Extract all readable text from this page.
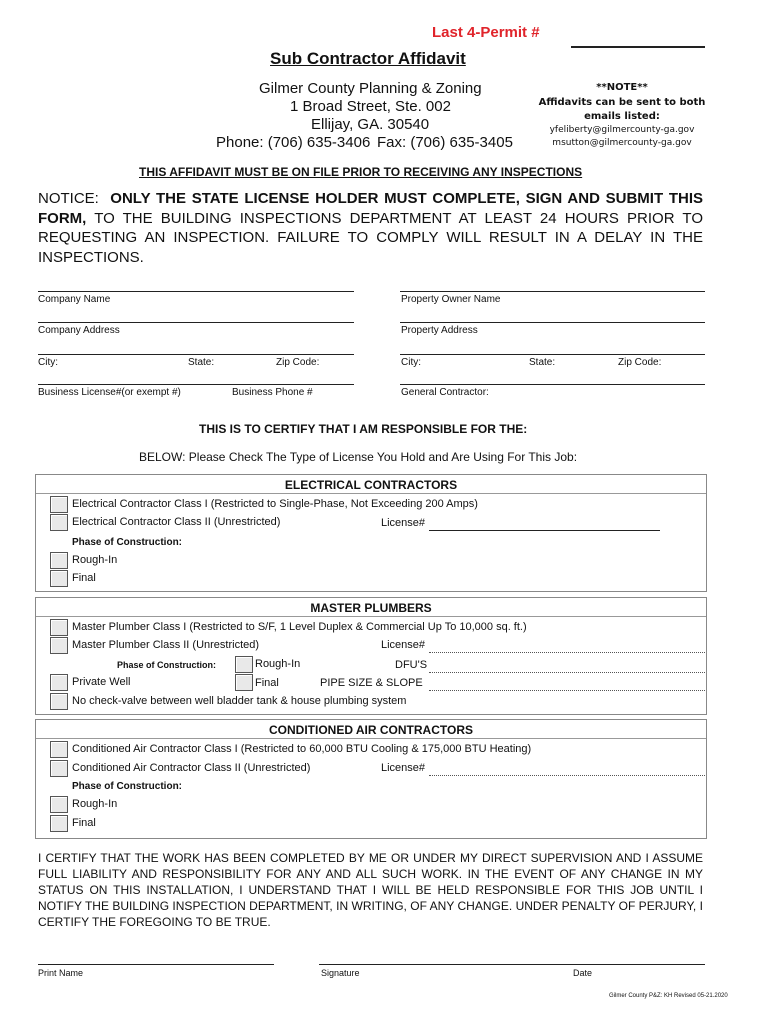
Last 4-Permit #
Sub Contractor Affidavit
Gilmer County Planning & Zoning
1 Broad Street, Ste. 002
Ellijay, GA. 30540
Phone: (706) 635-3406 Fax: (706) 635-3405
**NOTE**
Affidavits can be sent to both
emails listed:
yfeliberty@gilmercounty-ga.gov
msutton@gilmercounty-ga.gov
THIS AFFIDAVIT MUST BE ON FILE PRIOR TO RECEIVING ANY INSPECTIONS
NOTICE: ONLY THE STATE LICENSE HOLDER MUST COMPLETE, SIGN AND SUBMIT THIS FORM, TO THE BUILDING INSPECTIONS DEPARTMENT AT LEAST 24 HOURS PRIOR TO REQUESTING AN INSPECTION. FAILURE TO COMPLY WILL RESULT IN A DELAY IN THE INSPECTIONS.
Company Name	Property Owner Name
Company Address	Property Address
City:	State:	Zip Code:	City:	State:	Zip Code:
Business License#(or exempt #)	Business Phone #	General Contractor:
THIS IS TO CERTIFY THAT I AM RESPONSIBLE FOR THE:
BELOW: Please Check The Type of License You Hold and Are Using For This Job:
ELECTRICAL CONTRACTORS
Electrical Contractor Class I (Restricted to Single-Phase, Not Exceeding 200 Amps)
Electrical Contractor Class II (Unrestricted)	License#
Phase of Construction:
Rough-In
Final
MASTER PLUMBERS
Master Plumber Class I (Restricted to S/F, 1 Level Duplex & Commercial Up To 10,000 sq. ft.)
Master Plumber Class II (Unrestricted)	License#
Phase of Construction:	Rough-In	DFU'S
Private Well	Final	PIPE SIZE & SLOPE
No check-valve between well bladder tank & house plumbing system
CONDITIONED AIR CONTRACTORS
Conditioned Air Contractor Class I (Restricted to 60,000 BTU Cooling & 175,000 BTU Heating)
Conditioned Air Contractor Class II (Unrestricted)	License#
Phase of Construction:
Rough-In
Final
I CERTIFY THAT THE WORK HAS BEEN COMPLETED BY ME OR UNDER MY DIRECT SUPERVISION AND I ASSUME FULL LIABILITY AND RESPONSIBILITY FOR ANY AND ALL SUCH WORK. IN THE EVENT OF ANY CHANGE IN MY STATUS ON THIS INSTALLATION, I UNDERSTAND THAT I WILL BE HELD RESPONSIBLE FOR THIS JOB UNTIL I NOTIFY THE BUILDING INSPECTION DEPARTMENT, IN WRITING, OF ANY CHANGE. UNDER PENALTY OF PERJURY, I CERTIFY THE FOREGOING TO BE TRUE.
Print Name	Signature	Date
Gilmer County P&Z: KH Revised 05-21.2020
